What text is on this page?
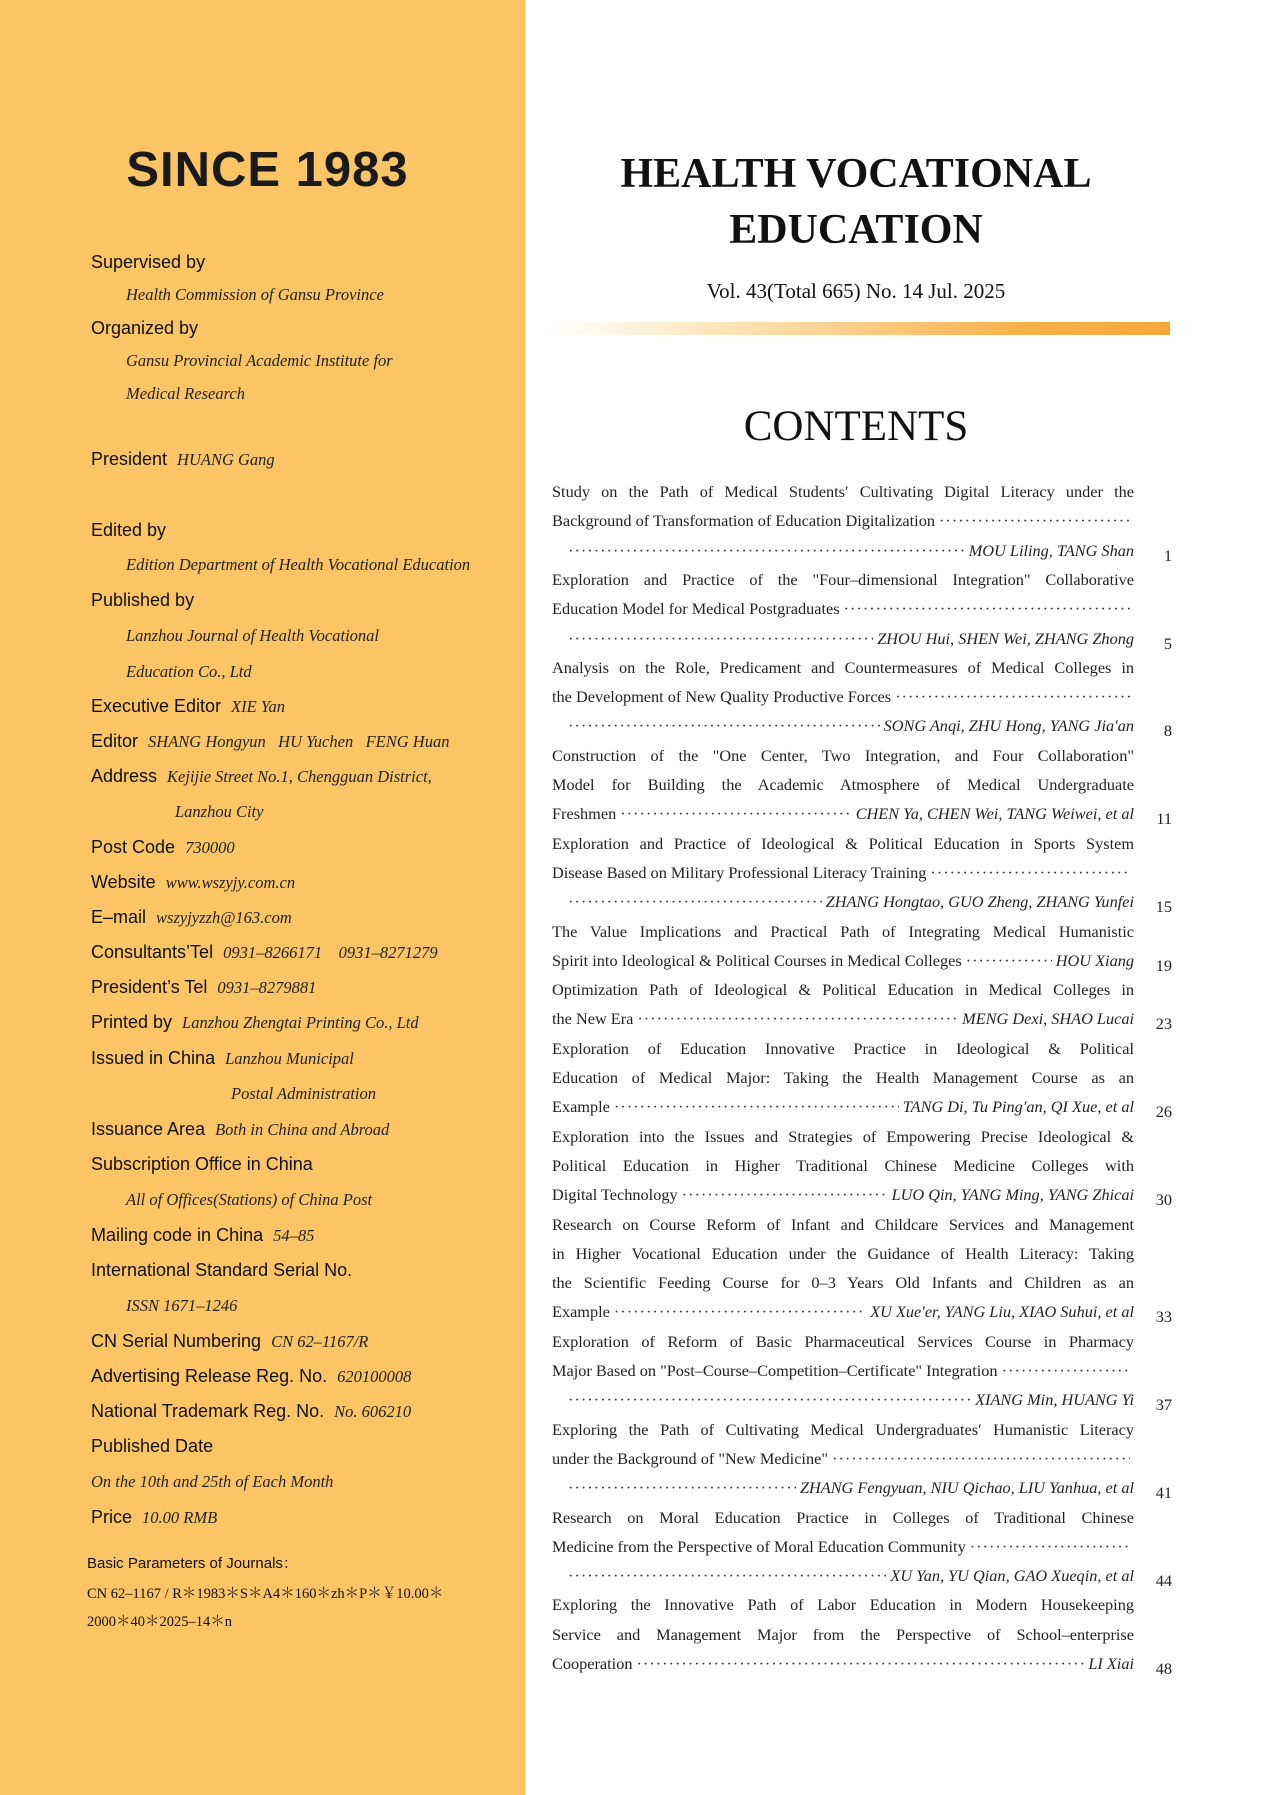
SINCE 1983
Supervised by
Health Commission of Gansu Province
Organized by
Gansu Provincial Academic Institute for
Medical Research
President HUANG Gang
Edited by
Edition Department of Health Vocational Education
Published by
Lanzhou Journal of Health Vocational
Education Co., Ltd
Executive Editor XIE Yan
Editor SHANG Hongyun   HU Yuchen   FENG Huan
Address Kejijie Street No.1, Chengguan District,
Lanzhou City
Post Code 730000
Website www.wszyjy.com.cn
E–mail wszyjyzzh@163.com
Consultants’Tel 0931–8266171    0931–8271279
President’s Tel 0931–8279881
Printed by Lanzhou Zhengtai Printing Co., Ltd
Issued in China Lanzhou Municipal
Postal Administration
Issuance Area Both in China and Abroad
Subscription Office in China
All of Offices(Stations) of China Post
Mailing code in China 54–85
International Standard Serial No.
ISSN 1671–1246
CN Serial Numbering CN 62–1167/R
Advertising Release Reg. No. 620100008
National Trademark Reg. No. No. 606210
Published Date
On the 10th and 25th of Each Month
Price 10.00 RMB
Basic Parameters of Journals：
CN 62–1167 / R＊1983＊S＊A4＊160＊zh＊P＊￥10.00＊
2000＊40＊2025–14＊n
HEALTH VOCATIONAL
EDUCATION
Vol. 43(Total 665) No. 14 Jul. 2025
CONTENTS
Study on the Path of Medical Students′ Cultivating Digital Literacy under the
Background of Transformation of Education Digitalization
·····
·····
MOU Liling, TANG Shan	1
Exploration and Practice of the "Four–dimensional Integration" Collaborative
Education Model for Medical Postgraduates
·····
·····
ZHOU Hui, SHEN Wei, ZHANG Zhong	5
Analysis on the Role, Predicament and Countermeasures of Medical Colleges in
the Development of New Quality Productive Forces
·····
·····
SONG Anqi, ZHU Hong, YANG Jia′an	8
Construction of the "One Center, Two Integration, and Four Collaboration"
Model for Building the Academic Atmosphere of Medical Undergraduate
Freshmen ·····	CHEN Ya, CHEN Wei, TANG Weiwei, et al	11
Exploration and Practice of Ideological & Political Education in Sports System
Disease Based on Military Professional Literacy Training
·····
·····
ZHANG Hongtao, GUO Zheng, ZHANG Yunfei	15
The Value Implications and Practical Path of Integrating Medical Humanistic
Spirit into Ideological & Political Courses in Medical Colleges ·····	HOU Xiang	19
Optimization Path of Ideological & Political Education in Medical Colleges in
the New Era ·····	MENG Dexi, SHAO Lucai	23
Exploration of Education Innovative Practice in Ideological & Political
Education of Medical Major: Taking the Health Management Course as an
Example ·····	TANG Di, Tu Ping′an, QI Xue, et al	26
Exploration into the Issues and Strategies of Empowering Precise Ideological &
Political Education in Higher Traditional Chinese Medicine Colleges with
Digital Technology ·····	LUO Qin, YANG Ming, YANG Zhicai	30
Research on Course Reform of Infant and Childcare Services and Management
in Higher Vocational Education under the Guidance of Health Literacy: Taking
the Scientific Feeding Course for 0–3 Years Old Infants and Children as an
Example ·····	XU Xue′er, YANG Liu, XIAO Suhui, et al	33
Exploration of Reform of Basic Pharmaceutical Services Course in Pharmacy
Major Based on "Post–Course–Competition–Certificate" Integration
·····
·····
XIANG Min, HUANG Yi	37
Exploring the Path of Cultivating Medical Undergraduates′ Humanistic Literacy
under the Background of "New Medicine"
·····
·····
ZHANG Fengyuan, NIU Qichao, LIU Yanhua, et al	41
Research on Moral Education Practice in Colleges of Traditional Chinese
Medicine from the Perspective of Moral Education Community
·····
·····
XU Yan, YU Qian, GAO Xueqin, et al	44
Exploring the Innovative Path of Labor Education in Modern Housekeeping
Service and Management Major from the Perspective of School–enterprise
Cooperation ·····	LI Xiai	48
